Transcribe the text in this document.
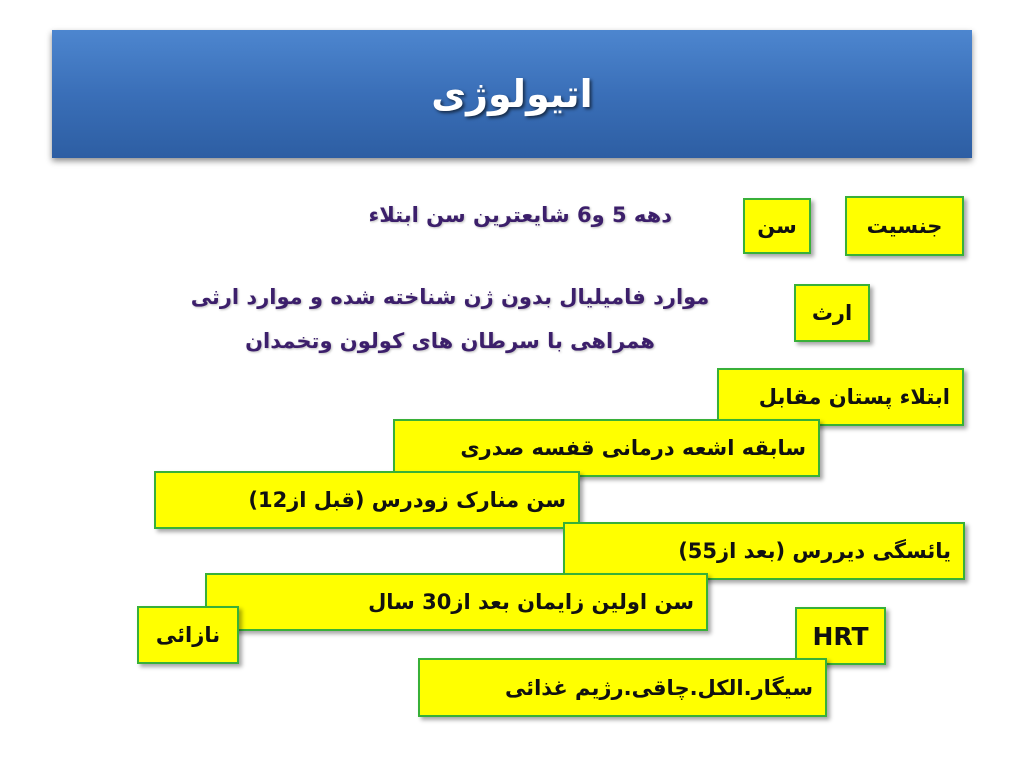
اتیولوژی
جنسیت
سن
ارث
دهه 5 و6 شایعترین سن ابتلاء
موارد فامیلیال بدون ژن شناخته شده و موارد ارثی همراهی با سرطان های کولون وتخمدان
ابتلاء پستان مقابل
سابقه اشعه درمانی قفسه صدری
سن منارک زودرس (قبل از12)
یائسگی دیررس (بعد از55)
سن اولین زایمان بعد از30 سال
نازائی	HRT
سیگار.الکل.چاقی.رژیم غذائی
